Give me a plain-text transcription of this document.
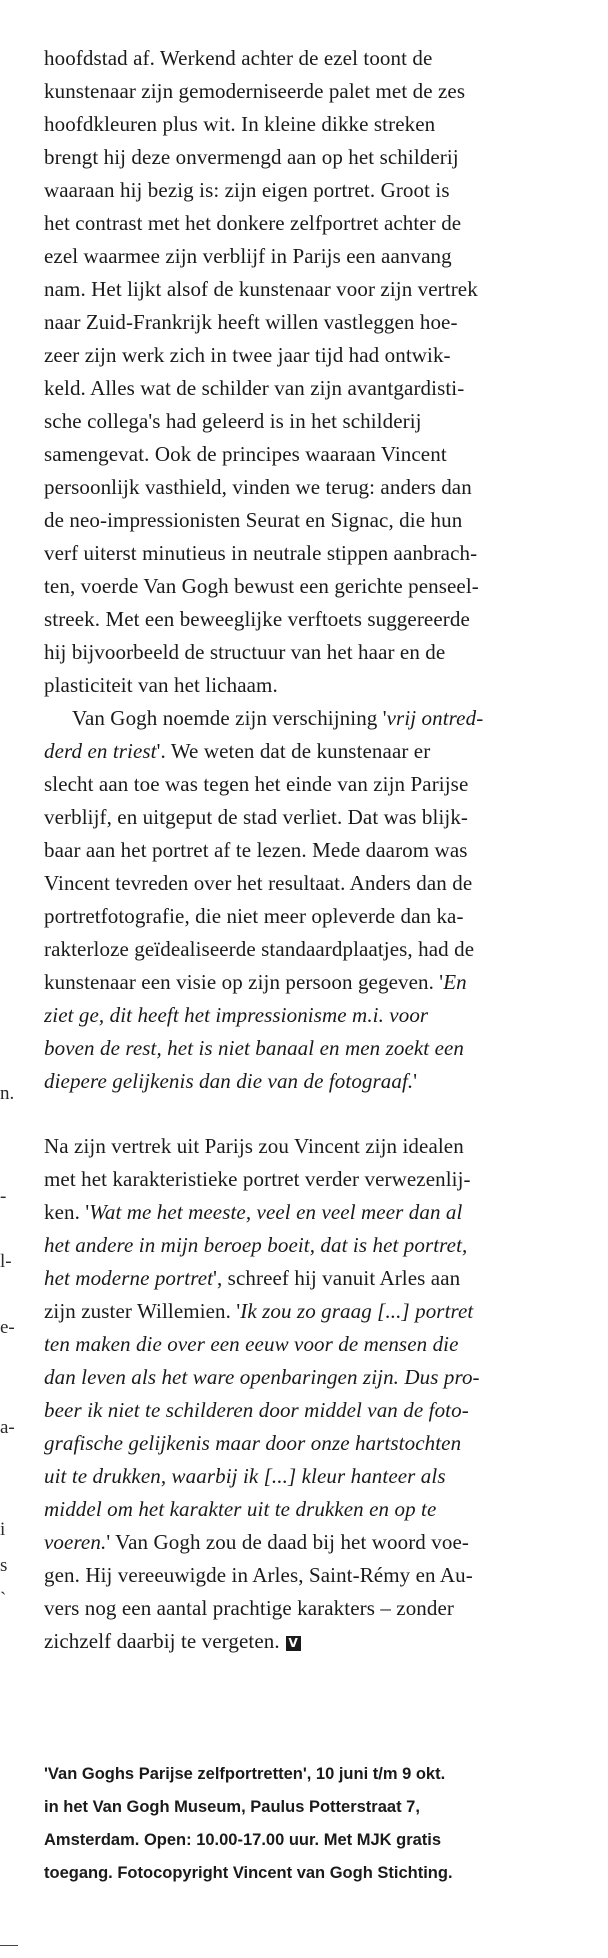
n.
-
l-
e-
a-
i
s
`
hoofdstad af. Werkend achter de ezel toont de
kunstenaar zijn gemoderniseerde palet met de zes
hoofdkleuren plus wit. In kleine dikke streken
brengt hij deze onvermengd aan op het schilderij
waaraan hij bezig is: zijn eigen portret. Groot is
het contrast met het donkere zelfportret achter de
ezel waarmee zijn verblijf in Parijs een aanvang
nam. Het lijkt alsof de kunstenaar voor zijn vertrek
naar Zuid-Frankrijk heeft willen vastleggen hoe-
zeer zijn werk zich in twee jaar tijd had ontwik-
keld. Alles wat de schilder van zijn avantgardisti-
sche collega's had geleerd is in het schilderij
samengevat. Ook de principes waaraan Vincent
persoonlijk vasthield, vinden we terug: anders dan
de neo-impressionisten Seurat en Signac, die hun
verf uiterst minutieus in neutrale stippen aanbrach-
ten, voerde Van Gogh bewust een gerichte penseel-
streek. Met een beweeglijke verftoets suggereerde
hij bijvoorbeeld de structuur van het haar en de
plasticiteit van het lichaam.
Van Gogh noemde zijn verschijning 'vrij ontred-
derd en triest'. We weten dat de kunstenaar er
slecht aan toe was tegen het einde van zijn Parijse
verblijf, en uitgeput de stad verliet. Dat was blijk-
baar aan het portret af te lezen. Mede daarom was
Vincent tevreden over het resultaat. Anders dan de
portretfotografie, die niet meer opleverde dan ka-
rakterloze geïdealiseerde standaardplaatjes, had de
kunstenaar een visie op zijn persoon gegeven. 'En
ziet ge, dit heeft het impressionisme m.i. voor
boven de rest, het is niet banaal en men zoekt een
diepere gelijkenis dan die van de fotograaf.'
Na zijn vertrek uit Parijs zou Vincent zijn idealen
met het karakteristieke portret verder verwezenlij-
ken. 'Wat me het meeste, veel en veel meer dan al
het andere in mijn beroep boeit, dat is het portret,
het moderne portret', schreef hij vanuit Arles aan
zijn zuster Willemien. 'Ik zou zo graag [...] portret
ten maken die over een eeuw voor de mensen die
dan leven als het ware openbaringen zijn. Dus pro-
beer ik niet te schilderen door middel van de foto-
grafische gelijkenis maar door onze hartstochten
uit te drukken, waarbij ik [...] kleur hanteer als
middel om het karakter uit te drukken en op te
voeren.' Van Gogh zou de daad bij het woord voe-
gen. Hij vereeuwigde in Arles, Saint-Rémy en Au-
vers nog een aantal prachtige karakters – zonder
zichzelf daarbij te vergeten. V
'Van Goghs Parijse zelfportretten', 10 juni t/m 9 okt.
in het Van Gogh Museum, Paulus Potterstraat 7,
Amsterdam. Open: 10.00-17.00 uur. Met MJK gratis
toegang. Fotocopyright Vincent van Gogh Stichting.
